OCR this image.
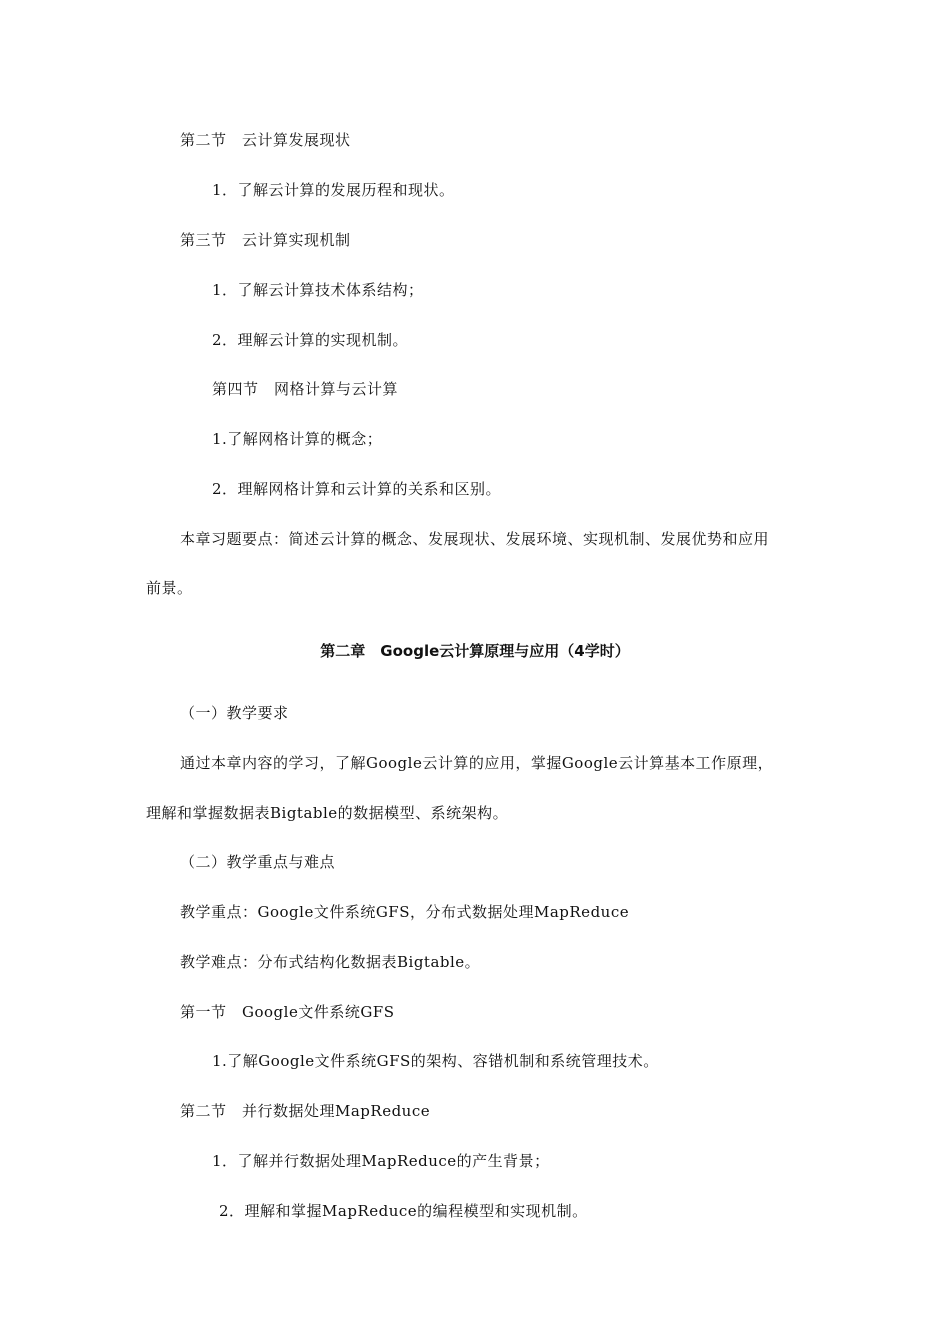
第二节　云计算发展现状
1．了解云计算的发展历程和现状。
第三节　云计算实现机制
1．了解云计算技术体系结构；
2．理解云计算的实现机制。
第四节　网格计算与云计算
1.了解网格计算的概念；
2．理解网格计算和云计算的关系和区别。
本章习题要点：简述云计算的概念、发展现状、发展环境、实现机制、发展优势和应用
前景。
第二章　Google云计算原理与应用（4学时）
（一）教学要求
通过本章内容的学习，了解Google云计算的应用，掌握Google云计算基本工作原理，
理解和掌握数据表Bigtable的数据模型、系统架构。
（二）教学重点与难点
教学重点：Google文件系统GFS，分布式数据处理MapReduce
教学难点：分布式结构化数据表Bigtable。
第一节　Google文件系统GFS
1.了解Google文件系统GFS的架构、容错机制和系统管理技术。
第二节　并行数据处理MapReduce
1．了解并行数据处理MapReduce的产生背景；
2．理解和掌握MapReduce的编程模型和实现机制。
